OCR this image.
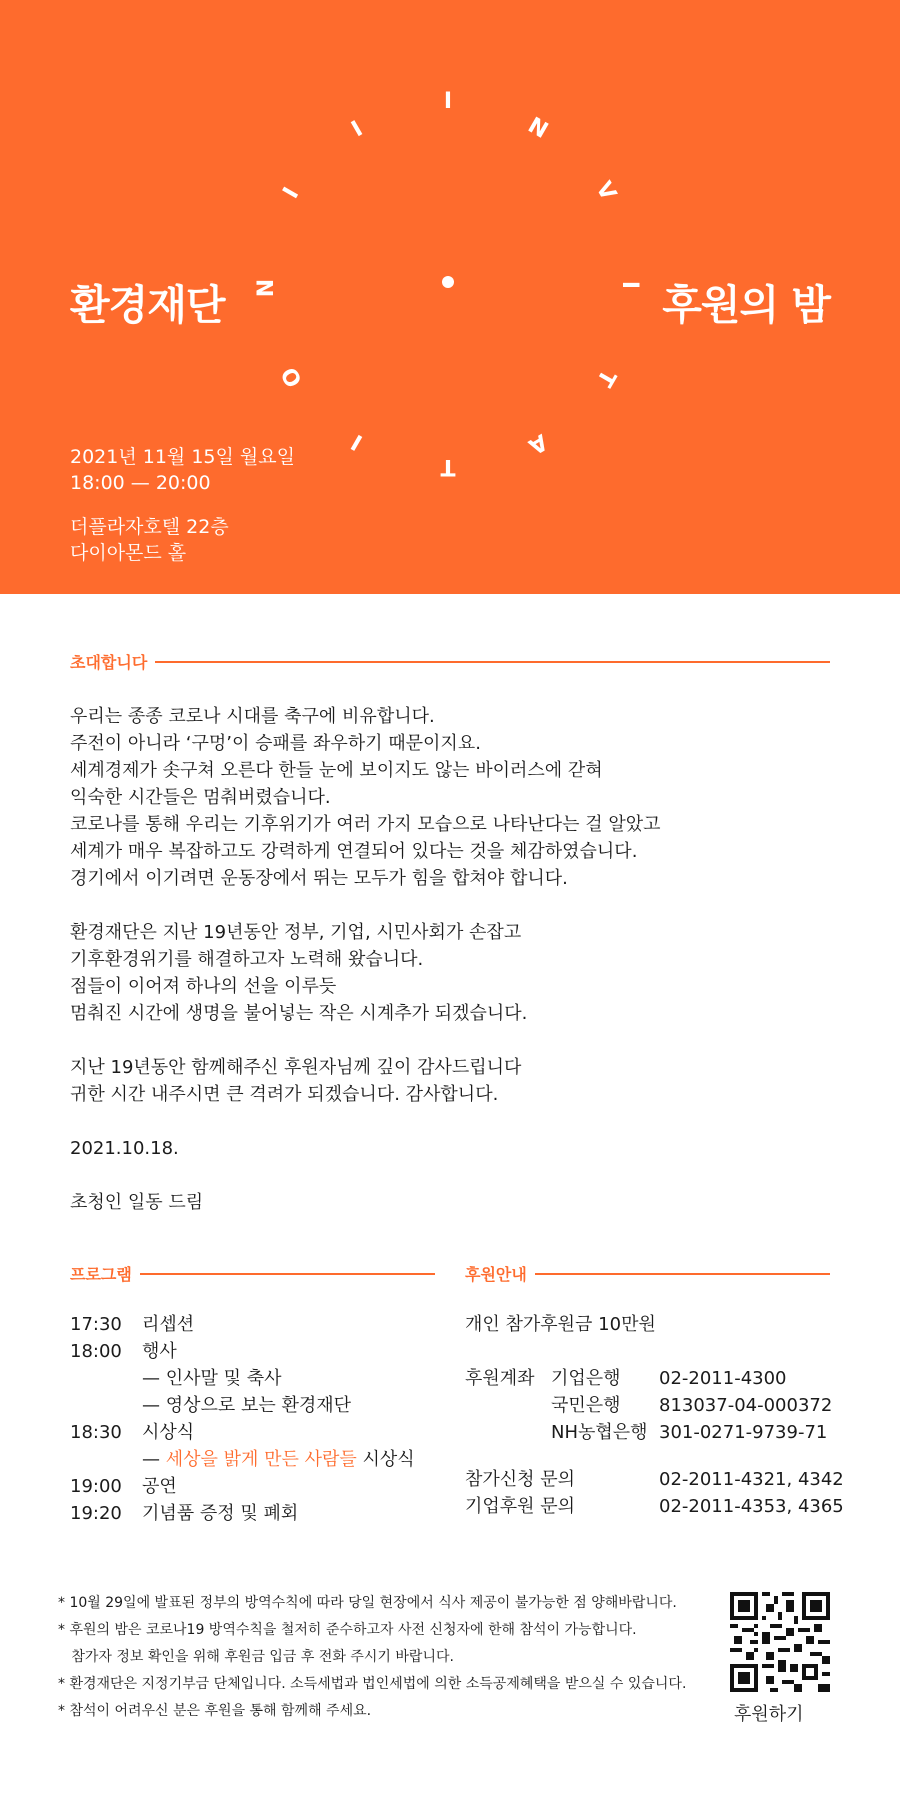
환경재단	후원의 밤
I
N
V
I
T
A
T
I
O
N
I
I
2021년 11월 15일 월요일
18:00 — 20:00
더플라자호텔 22층
다이아몬드 홀
초대합니다

우리는 종종 코로나 시대를 축구에 비유합니다.
주전이 아니라 ‘구멍’이 승패를 좌우하기 때문이지요.
세계경제가 솟구쳐 오른다 한들 눈에 보이지도 않는 바이러스에 갇혀
익숙한 시간들은 멈춰버렸습니다.
코로나를 통해 우리는 기후위기가 여러 가지 모습으로 나타난다는 걸 알았고
세계가 매우 복잡하고도 강력하게 연결되어 있다는 것을 체감하였습니다.
경기에서 이기려면 운동장에서 뛰는 모두가 힘을 합쳐야 합니다.

환경재단은 지난 19년동안 정부, 기업, 시민사회가 손잡고
기후환경위기를 해결하고자 노력해 왔습니다.
점들이 이어져 하나의 선을 이루듯
멈춰진 시간에 생명을 불어넣는 작은 시계추가 되겠습니다.

지난 19년동안 함께해주신 후원자님께 깊이 감사드립니다
귀한 시간 내주시면 큰 격려가 되겠습니다. 감사합니다.

2021.10.18.

초청인 일동 드림

프로그램
17:30	리셉션
18:00	행사
— 인사말 및 축사
— 영상으로 보는 환경재단
18:30	시상식
— 세상을 밝게 만든 사람들 시상식
19:00	공연
19:20	기념품 증정 및 폐회
후원안내
개인 참가후원금 10만원
후원계좌 기업은행	02-2011-4300
국민은행	813037-04-000372
NH농협은행 301-0271-9739-71
참가신청 문의	02-2011-4321, 4342
기업후원 문의	02-2011-4353, 4365
* 10월 29일에 발표된 정부의 방역수칙에 따라 당일 현장에서 식사 제공이 불가능한 점 양해바랍니다.
* 후원의 밤은 코로나19 방역수칙을 철저히 준수하고자 사전 신청자에 한해 참석이 가능합니다.
참가자 정보 확인을 위해 후원금 입금 후 전화 주시기 바랍니다.
* 환경재단은 지정기부금 단체입니다. 소득세법과 법인세법에 의한 소득공제혜택을 받으실 수 있습니다.
* 참석이 어려우신 분은 후원을 통해 함께해 주세요.	후원하기
